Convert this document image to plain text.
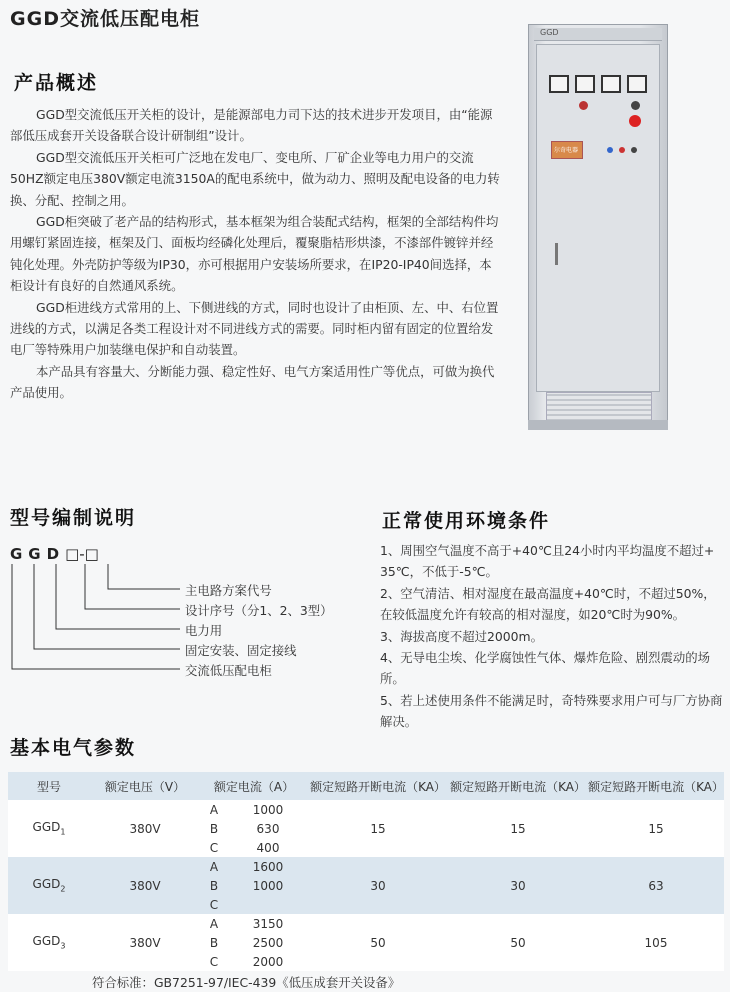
GGD交流低压配电柜
产品概述

GGD型交流低压开关柜的设计，是能源部电力司下达的技术进步开发项目，由“能源部低压成套开关设备联合设计研制组”设计。

GGD型交流低压开关柜可广泛地在发电厂、变电所、厂矿企业等电力用户的交流50HZ额定电压380V额定电流3150A的配电系统中，做为动力、照明及配电设备的电力转换、分配、控制之用。

GGD柜突破了老产品的结构形式，基本框架为组合装配式结构，框架的全部结构件均用螺钉紧固连接，框架及门、面板均经磷化处理后，覆聚脂桔形烘漆，不漆部件镀锌并经钝化处理。外壳防护等级为IP30，亦可根据用户安装场所要求，在IP20-IP40间选择，本柜设计有良好的自然通风系统。

GGD柜进线方式常用的上、下侧进线的方式，同时也设计了由柜顶、左、中、右位置进线的方式，以满足各类工程设计对不同进线方式的需要。同时柜内留有固定的位置给发电厂等特殊用户加装继电保护和自动装置。

本产品具有容量大、分断能力强、稳定性好、电气方案适用性广等优点，可做为换代产品使用。

GGD
尔奇电器
型号编制说明
GGD□-□
主电路方案代号
设计序号（分1、2、3型）
电力用
固定安装、固定接线
交流低压配电柜
正常使用环境条件

1、周围空气温度不高于+40℃且24小时内平均温度不超过+ 35℃，不低于-5℃。

2、空气清洁、相对湿度在最高温度+40℃时，不超过50%，在较低温度允许有较高的相对湿度，如20℃时为90%。

3、海拔高度不超过2000m。

4、无导电尘埃、化学腐蚀性气体、爆炸危险、剧烈震动的场所。

5、若上述使用条件不能满足时，奇特殊要求用户可与厂方协商解决。

基本电气参数
型号	额定电压（V）	额定电流（A）		额定短路开断电流（KA）	额定短路开断电流（KA）	额定短路开断电流（KA）
$GGD_1$	380V	A	1000	15	15	15
		B	630			
		C	400			
$GGD_2$	380V	A	1600	30	30	63
		B	1000			
		C				
$GGD_3$	380V	A	3150	50	50	105
		B	2500			
		C	2000			
符合标准：GB7251-97/IEC-439《低压成套开关设备》
